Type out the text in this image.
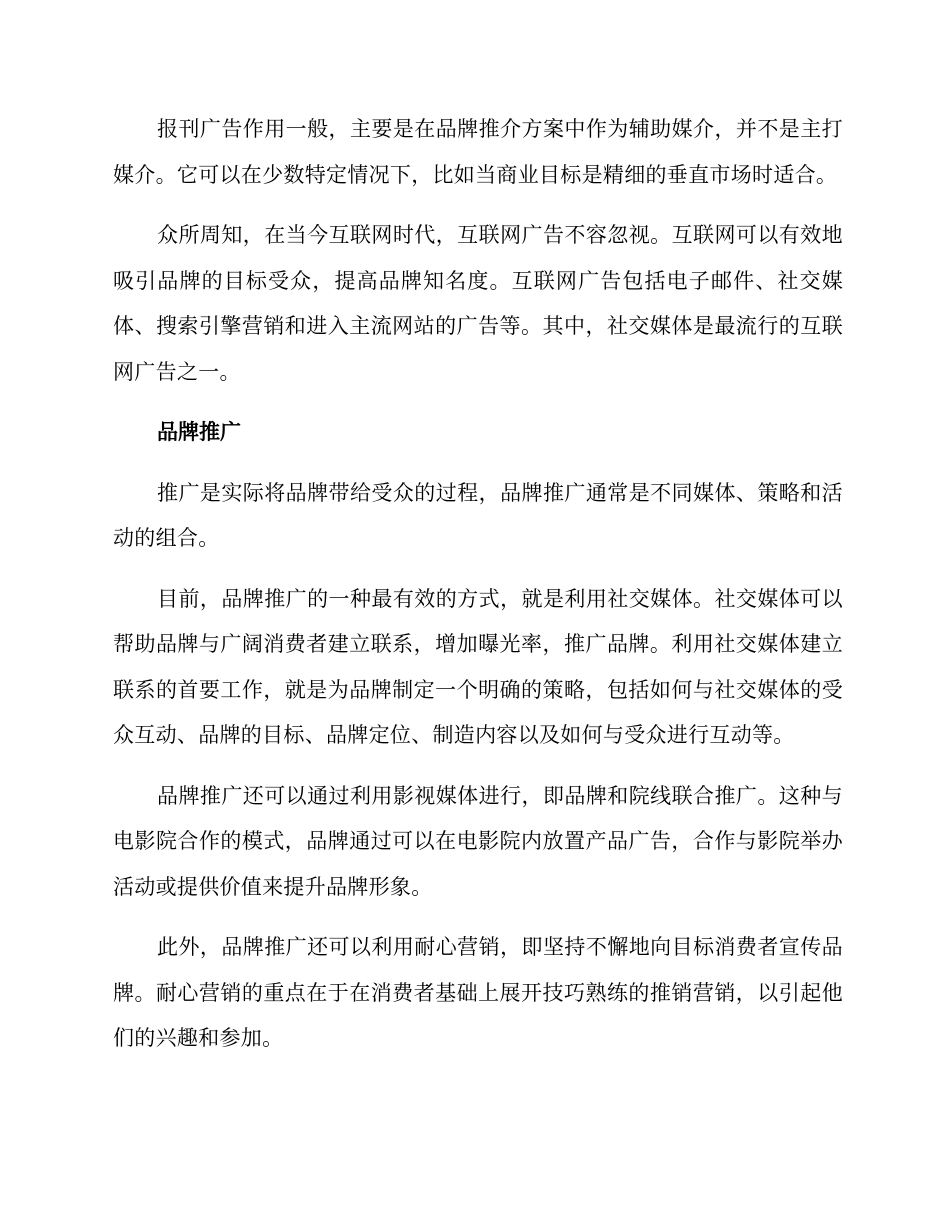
报刊广告作用一般，主要是在品牌推介方案中作为辅助媒介，并不是主打媒介。它可以在少数特定情况下，比如当商业目标是精细的垂直市场时适合。

众所周知，在当今互联网时代，互联网广告不容忽视。互联网可以有效地吸引品牌的目标受众，提高品牌知名度。互联网广告包括电子邮件、社交媒体、搜索引擎营销和进入主流网站的广告等。其中，社交媒体是最流行的互联网广告之一。

品牌推广

推广是实际将品牌带给受众的过程，品牌推广通常是不同媒体、策略和活动的组合。

目前，品牌推广的一种最有效的方式，就是利用社交媒体。社交媒体可以帮助品牌与广阔消费者建立联系，增加曝光率，推广品牌。利用社交媒体建立联系的首要工作，就是为品牌制定一个明确的策略，包括如何与社交媒体的受众互动、品牌的目标、品牌定位、制造内容以及如何与受众进行互动等。

品牌推广还可以通过利用影视媒体进行，即品牌和院线联合推广。这种与电影院合作的模式，品牌通过可以在电影院内放置产品广告，合作与影院举办活动或提供价值来提升品牌形象。

此外，品牌推广还可以利用耐心营销，即坚持不懈地向目标消费者宣传品牌。耐心营销的重点在于在消费者基础上展开技巧熟练的推销营销，以引起他们的兴趣和参加。
